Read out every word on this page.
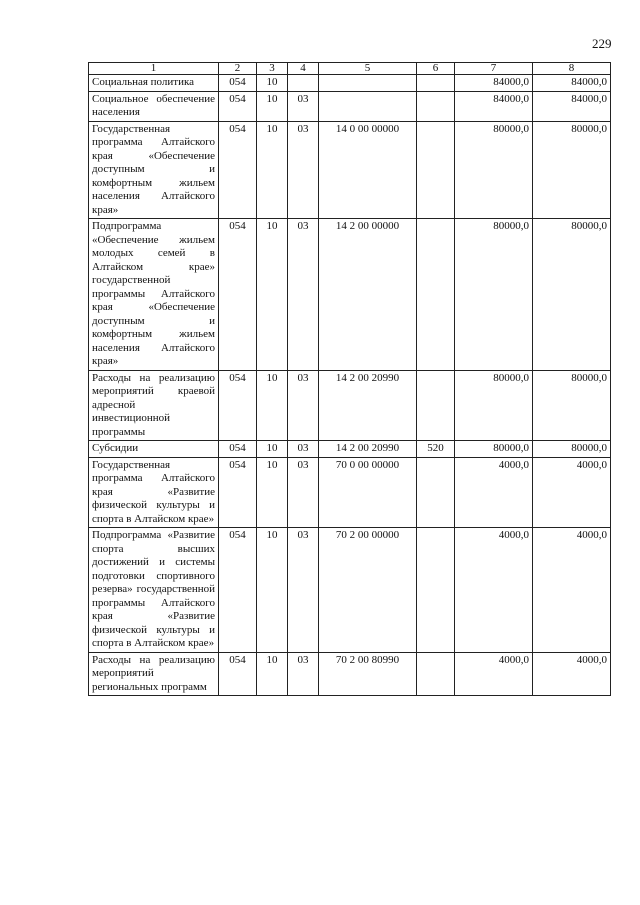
229
1	2	3	4	5	6	7	8
Социальная политика	054	10				84000,0	84000,0
Социальное обеспечение населения	054	10	03			84000,0	84000,0
Государственная программа Алтайского края «Обеспечение доступным и комфортным жильем населения Алтайского края»	054	10	03	14 0 00 00000		80000,0	80000,0
Подпрограмма «Обеспечение жильем молодых семей в Алтайском крае» государственной программы Алтайского края «Обеспечение доступным и комфортным жильем населения Алтайского края»	054	10	03	14 2 00 00000		80000,0	80000,0
Расходы на реализацию мероприятий краевой адресной инвестиционной программы	054	10	03	14 2 00 20990		80000,0	80000,0
Субсидии	054	10	03	14 2 00 20990	520	80000,0	80000,0
Государственная программа Алтайского края «Развитие физической культуры и спорта в Алтайском крае»	054	10	03	70 0 00 00000		4000,0	4000,0
Подпрограмма «Развитие спорта высших достижений и системы подготовки спортивного резерва» государственной программы Алтайского края «Развитие физической культуры и спорта в Алтайском крае»	054	10	03	70 2 00 00000		4000,0	4000,0
Расходы на реализацию мероприятий региональных программ	054	10	03	70 2 00 80990		4000,0	4000,0
